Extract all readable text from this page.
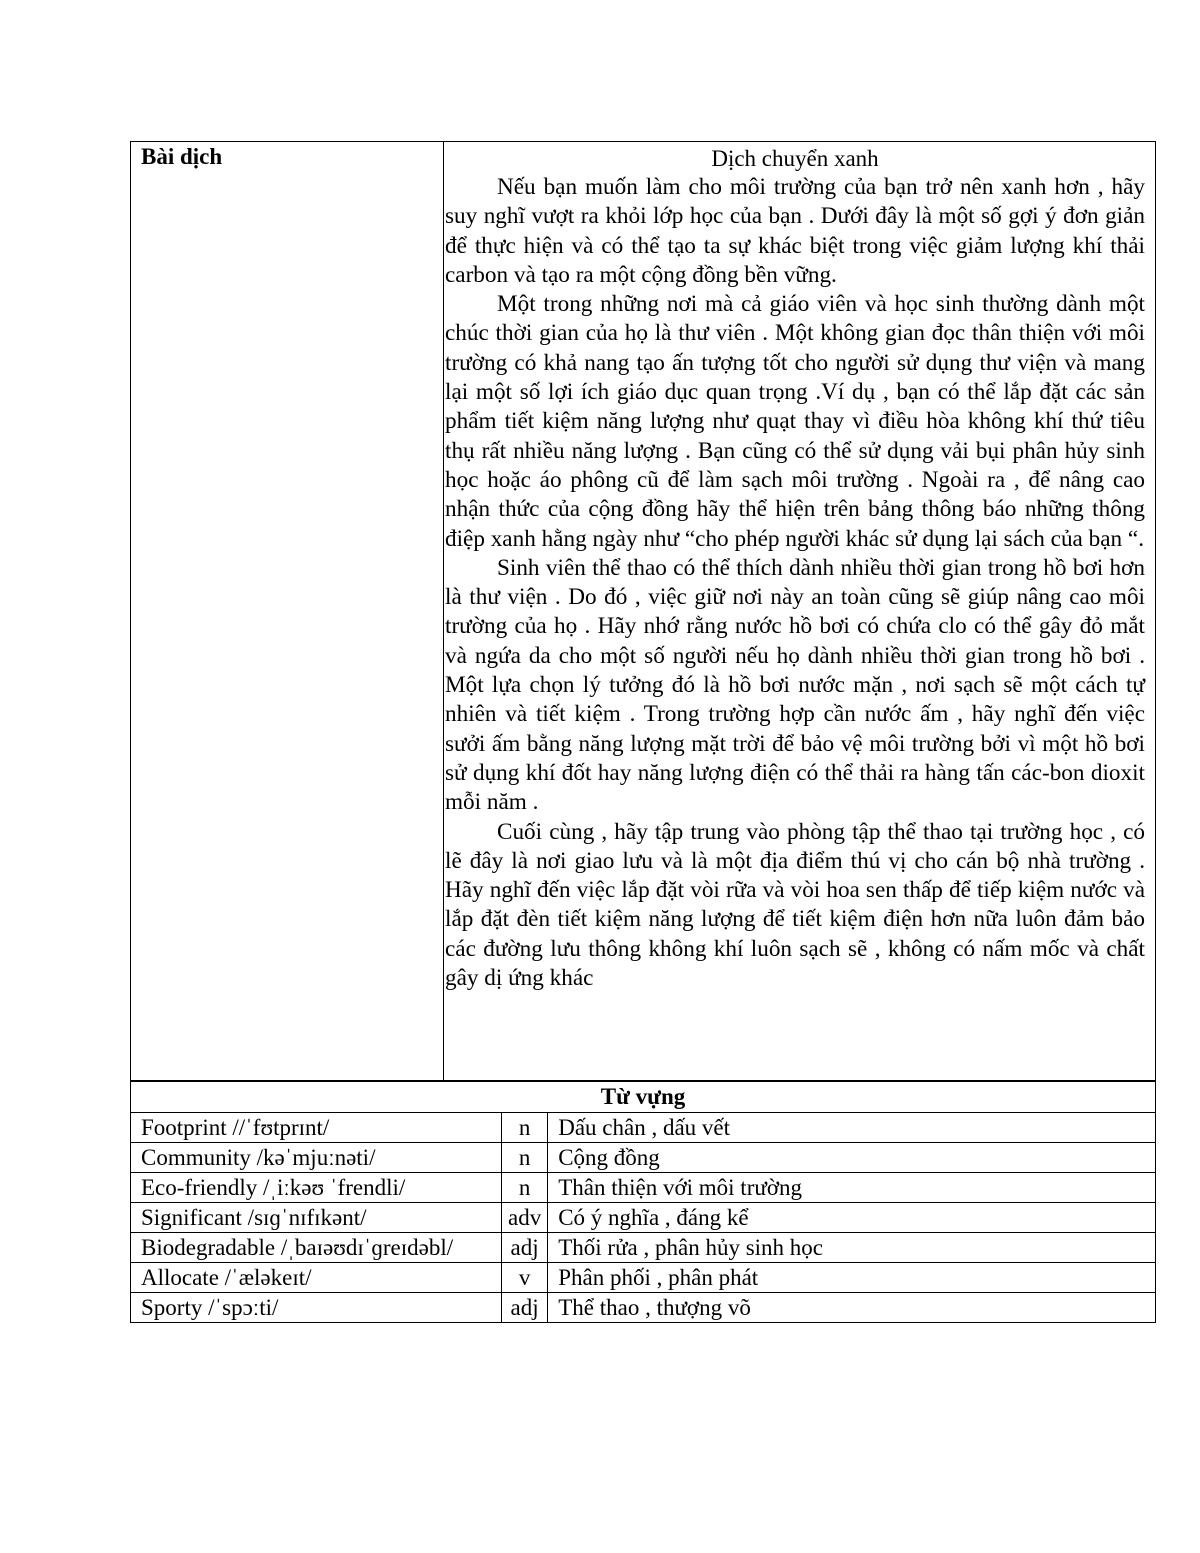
Bài dịch	Dịch chuyển xanh

Nếu bạn muốn làm cho môi trường của bạn trở nên xanh hơn , hãy suy nghĩ vượt ra khỏi lớp học của bạn . Dưới đây là một số gợi ý đơn giản để thực hiện và có thể tạo ta sự khác biệt trong việc giảm lượng khí thải carbon và tạo ra một cộng đồng bền vững.

Một trong những nơi mà cả giáo viên và học sinh thường dành một chúc thời gian của họ là thư viên . Một không gian đọc thân thiện với môi trường có khả nang tạo ấn tượng tốt cho người sử dụng thư viện và mang lại một số lợi ích giáo dục quan trọng .Ví dụ , bạn có thể lắp đặt các sản phẩm tiết kiệm năng lượng như quạt thay vì điều hòa không khí thứ tiêu thụ rất nhiều năng lượng . Bạn cũng có thể sử dụng vải bụi phân hủy sinh học hoặc áo phông cũ để làm sạch môi trường . Ngoài ra , để nâng cao nhận thức của cộng đồng hãy thể hiện trên bảng thông báo những thông điệp xanh hằng ngày như “cho phép người khác sử dụng lại sách của bạn “.

Sinh viên thể thao có thể thích dành nhiều thời gian trong hồ bơi hơn là thư viện . Do đó , việc giữ nơi này an toàn cũng sẽ giúp nâng cao môi trường của họ . Hãy nhớ rằng nước hồ bơi có chứa clo có thể gây đỏ mắt và ngứa da cho một số người nếu họ dành nhiều thời gian trong hồ bơi . Một lựa chọn lý tưởng đó là hồ bơi nước mặn , nơi sạch sẽ một cách tự nhiên và tiết kiệm . Trong trường hợp cần nước ấm , hãy nghĩ đến việc sưởi ấm bằng năng lượng mặt trời để bảo vệ môi trường bởi vì một hồ bơi sử dụng khí đốt hay năng lượng điện có thể thải ra hàng tấn các-bon dioxit mỗi năm .

Cuối cùng , hãy tập trung vào phòng tập thể thao tại trường học , có lẽ đây là nơi giao lưu và là một địa điểm thú vị cho cán bộ nhà trường . Hãy nghĩ đến việc lắp đặt vòi rữa và vòi hoa sen thấp để tiếp kiệm nước và lắp đặt đèn tiết kiệm năng lượng để tiết kiệm điện hơn nữa luôn đảm bảo các đường lưu thông không khí luôn sạch sẽ , không có nấm mốc và chất gây dị ứng khác

Từ vựng		
Footprint //ˈfʊtprɪnt/	n	Dấu chân , dấu vết
Community /kəˈmjuːnəti/	n	Cộng đồng
Eco-friendly /ˌiːkəʊ ˈfrendli/	n	Thân thiện với môi trường
Significant /sɪɡˈnɪfɪkənt/	adv	Có ý nghĩa , đáng kể
Biodegradable /ˌbaɪəʊdɪˈɡreɪdəbl/	adj	Thối rửa , phân hủy sinh học
Allocate /ˈæləkeɪt/	v	Phân phối , phân phát
Sporty /ˈspɔːti/	adj	Thể thao , thượng võ
